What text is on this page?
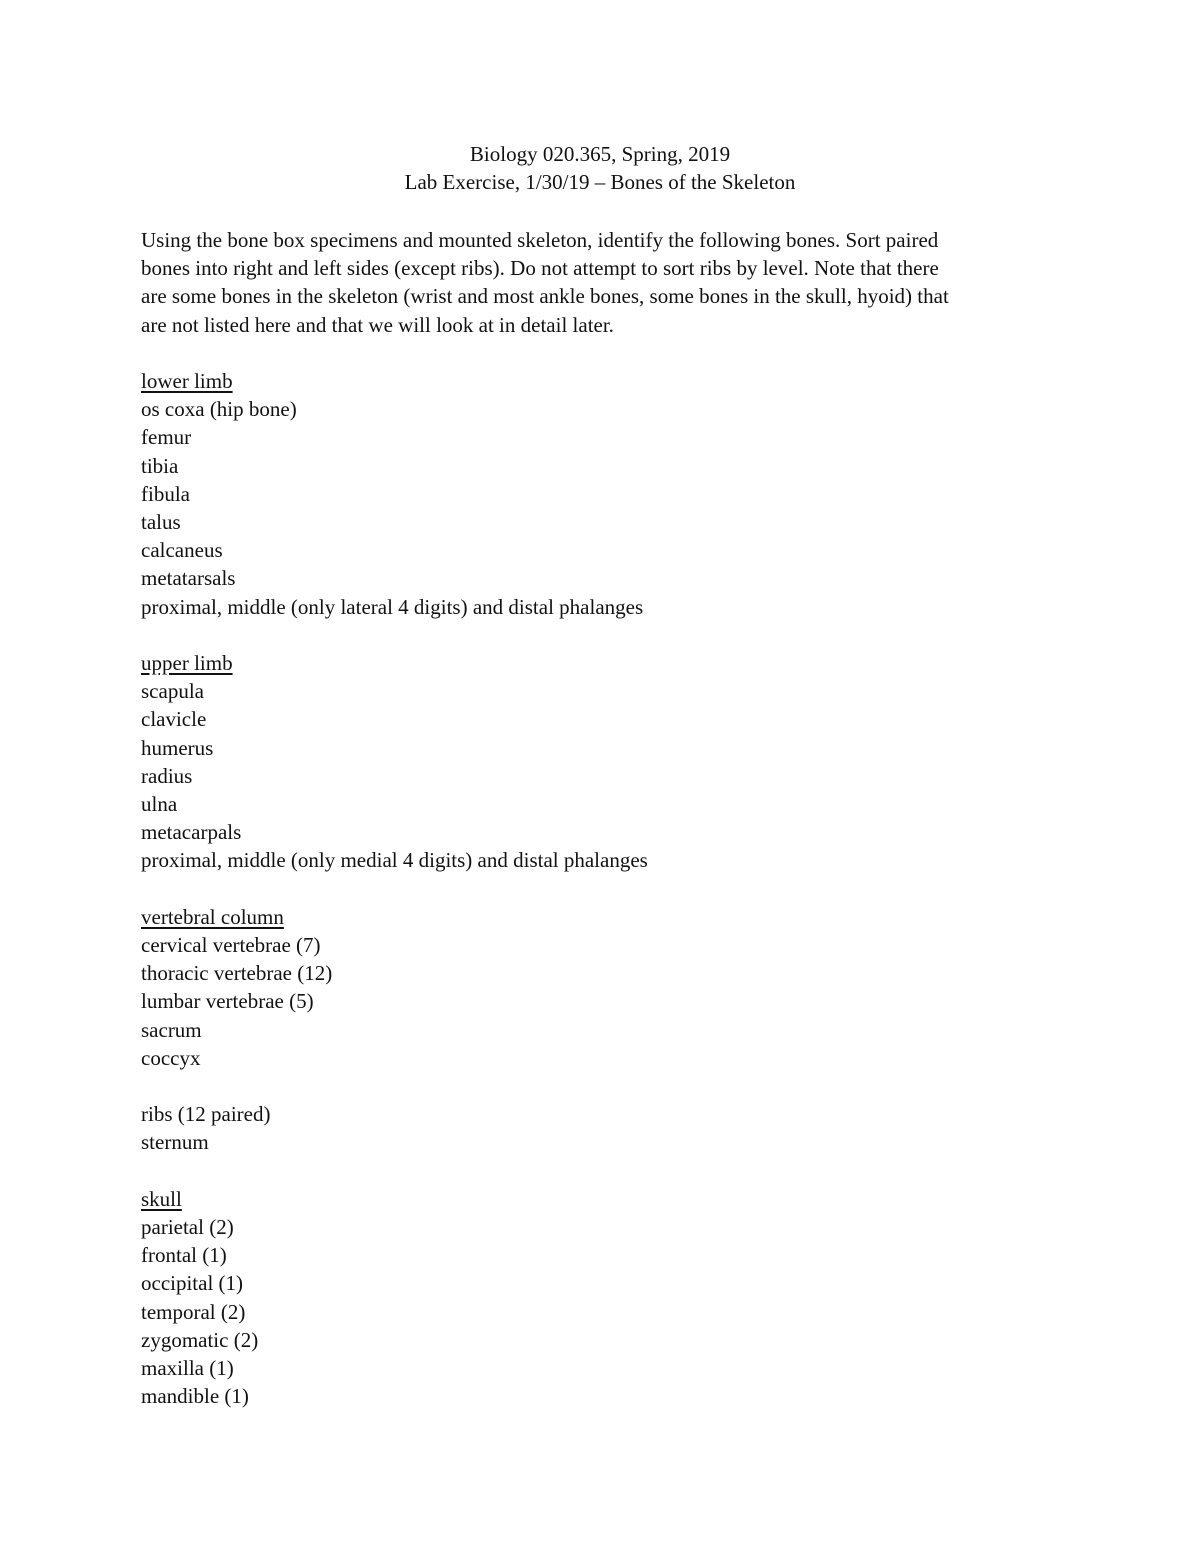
Biology 020.365, Spring, 2019
Lab Exercise, 1/30/19 – Bones of the Skeleton

Using the bone box specimens and mounted skeleton, identify the following bones. Sort paired
bones into right and left sides (except ribs). Do not attempt to sort ribs by level. Note that there
are some bones in the skeleton (wrist and most ankle bones, some bones in the skull, hyoid) that
are not listed here and that we will look at in detail later.

lower limb
os coxa (hip bone)
femur
tibia
fibula
talus
calcaneus
metatarsals
proximal, middle (only lateral 4 digits) and distal phalanges
upper limb
scapula
clavicle
humerus
radius
ulna
metacarpals
proximal, middle (only medial 4 digits) and distal phalanges
vertebral column
cervical vertebrae (7)
thoracic vertebrae (12)
lumbar vertebrae (5)
sacrum
coccyx
ribs (12 paired)
sternum
skull
parietal (2)
frontal (1)
occipital (1)
temporal (2)
zygomatic (2)
maxilla (1)
mandible (1)
